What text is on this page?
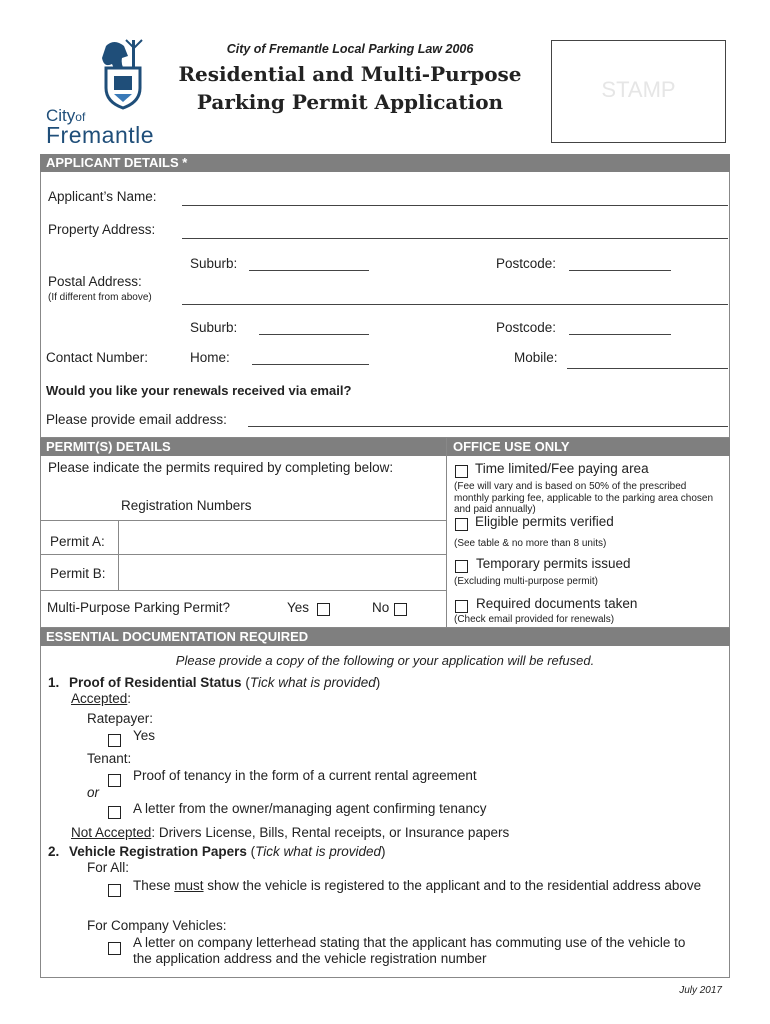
Cityof
Fremantle
City of Fremantle Local Parking Law 2006
Residential and Multi-Purpose
Parking Permit Application	STAMP
APPLICANT DETAILS *
Applicant’s Name:
Property Address:
Suburb:	Postcode:
Postal Address:
(If different from above)
Suburb:	Postcode:
Contact Number:	Home:	Mobile:
Would you like your renewals received via email?
Please provide email address:
PERMIT(S) DETAILS	OFFICE USE ONLY
Please indicate the permits required by completing below:
Registration Numbers
Permit A:
Permit B:
Multi-Purpose Parking Permit?	Yes	No
Time limited/Fee paying area
(Fee will vary and is based on 50% of the prescribed monthly parking fee, applicable to the parking area chosen and paid annually)
Eligible permits verified
(See table & no more than 8 units)
Temporary permits issued
(Excluding multi-purpose permit)
Required documents taken
(Check email provided for renewals)
ESSENTIAL DOCUMENTATION REQUIRED
Please provide a copy of the following or your application will be refused.
1. Proof of Residential Status (Tick what is provided)
Accepted:
Ratepayer:
Yes
Tenant:
Proof of tenancy in the form of a current rental agreement
or
A letter from the owner/managing agent confirming tenancy
Not Accepted: Drivers License, Bills, Rental receipts, or Insurance papers
2. Vehicle Registration Papers (Tick what is provided)
For All:
These must show the vehicle is registered to the applicant and to the residential address above
For Company Vehicles:
A letter on company letterhead stating that the applicant has commuting use of the vehicle to the application address and the vehicle registration number
July 2017
